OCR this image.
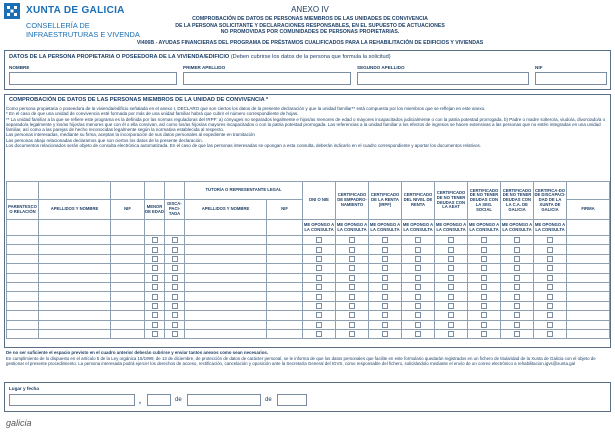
XUNTA DE GALICIA
CONSELLERÍA DE
INFRAESTRUTURAS E VIVENDA
ANEXO IV
COMPROBACIÓN DE DATOS DE PERSONAS MIEMBROS DE LAS UNIDADES DE CONVIVENCIA
DE LA PERSONA SOLICITANTE Y DECLARACIONES RESPONSABLES, EN EL SUPUESTO DE ACTUACIONES
NO PROMOVIDAS POR COMUNIDADES DE PERSONAS PROPIETARIAS.
VI406B - AYUDAS FINANCIERAS DEL PROGRAMA DE PRÉSTAMOS CUALIFICADOS PARA LA REHABILITACIÓN DE EDIFICIOS Y VIVIENDAS
DATOS DE LA PERSONA PROPIETARIA O POSEEDORA DE LA VIVIENDA/EDIFICIO (Deben cubrirse los datos de la persona que formula la solicitud)
NOMBRE	PRIMER APELLIDO	SEGUNDO APELLIDO	NIF
COMPROBACIÓN DE DATOS DE LAS PERSONAS MIEMBROS DE LA UNIDAD DE CONVIVENCIA *

Como persona propietaria o poseedora de la vivienda/edificio señalada en el anexo I, DECLARO que son ciertos los datos de la presente declaración y que la unidad familiar** está compuesta por los miembros que se reflejan en este anexo.

* En el caso de que una unidad de convivencia esté formada por más de una unidad familiar habrá que cubrir el número correspondiente de hojas.

** La unidad familiar a la que se refiere este programa es la definida por las normas reguladoras del IRPF: a) cónyuges no separados legalmente e hijos/as menores de edad o mayores incapacitados judicialmente o con la patria potestad prorrogada. b) Padre o madre soltero/a, viudo/a, divorciado/a o separado/a legalmente y los/as hijos/as menores que con él o ella convivan, así como los/as hijos/as mayores incapacitados o con la patria potestad prorrogada. Las referencias a la unidad familiar a los efectos de ingresos se hacen extensivas a las personas que no estén integradas en una unidad familiar, así como a las parejas de hecho reconocidas legalmente según la normativa establecida al respecto.

Las personas interesadas, mediante su firma, aceptan la incorporación de sus datos personales al expediente en tramitación

Las personas abajo relacionadas declaramos que son ciertos los datos de la presente declaración.

Los documentos relacionados serán objeto de consulta electrónica automatizada. En el caso de que las personas interesadas se opongan a esta consulta, deberán indicarlo en el cuadro correspondiente y aportar los documentos relativos.

					TUTOR/A O REPRESENTANTE LEGAL		DNI O NIE	CERTIFICADO DE EMPADRO-NAMIENTO	CERTIFICADO DE LA RENTA (IRPF)	CERTIFICADO DEL NIVEL DE RENTA	CERTIFICADO DE NO TENER DEUDAS CON LA AEAT	CERTIFICADO DE NO TENER DEUDAS CON LA SEG. SOCIAL	CERTIFICADO DE NO TENER DEUDAS CON LA C.A. DE GALICIA	CERTIFICA-DO DE DISCAPACI-DAD DE LA XUNTA DE GALICIA	
PARENTESCO O RELACIÓN	APELLIDOS Y NOMBRE	NIF	MENOR DE EDAD	DISCA-PACI-TADA	APELLIDOS Y NOMBRE	NIF									FIRMA
							ME OPONGO A LA CONSULTA	ME OPONGO A LA CONSULTA	ME OPONGO A LA CONSULTA	ME OPONGO A LA CONSULTA	ME OPONGO A LA CONSULTA	ME OPONGO A LA CONSULTA	ME OPONGO A LA CONSULTA	ME OPONGO A LA CONSULTA	

De no ser suficiente el espacio previsto en el cuadro anterior deberán cubrirse y enviar tantos anexos como sean necesarios.
En cumplimiento de lo dispuesto en el artículo 5 de la Ley orgánica 15/1999, de 13 de diciembre, de protección de datos de carácter personal, se le informa de que los datos personales que facilite en este formulario quedarán registrados en un fichero de titularidad de la Xunta de Galicia con el objeto de gestionar el presente procedimiento. La persona interesada podrá ejercer los derechos de acceso, rectificación, cancelación y oposición ante la Secretaría General del IGVS, como responsable del fichero, solicitándolo mediante el envío de un correo electrónico a rehabilitacion.igvs@xunta.gal
Lugar y fecha
,	de	de
galicia
